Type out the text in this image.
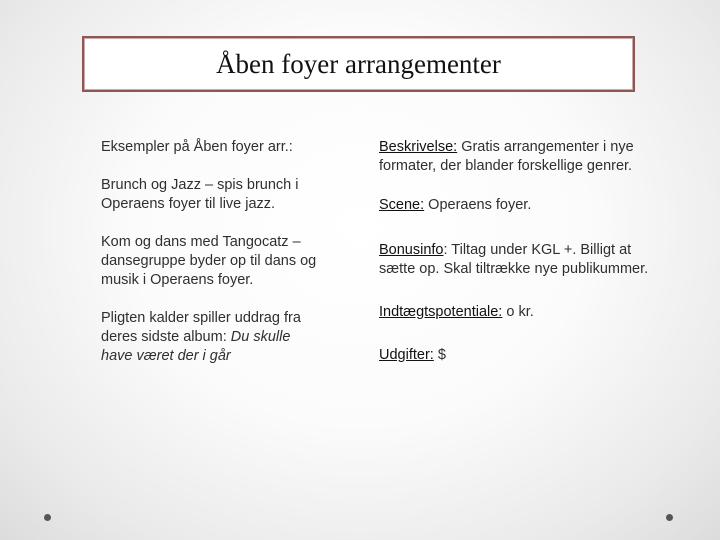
Åben foyer arrangementer

Eksempler på Åben foyer arr.:

Brunch og Jazz – spis brunch i Operaens foyer til live jazz.

Kom og dans med Tangocatz – dansegruppe byder op til dans og musik i Operaens foyer.

Pligten kalder spiller uddrag fra deres sidste album: Du skulle have været der i går

Beskrivelse: Gratis arrangementer i nye formater, der blander forskellige genrer.

Scene: Operaens foyer.

Bonusinfo: Tiltag under KGL +. Billigt at sætte op. Skal tiltrække nye publikummer.

Indtægtspotentiale: o kr.

Udgifter: $
